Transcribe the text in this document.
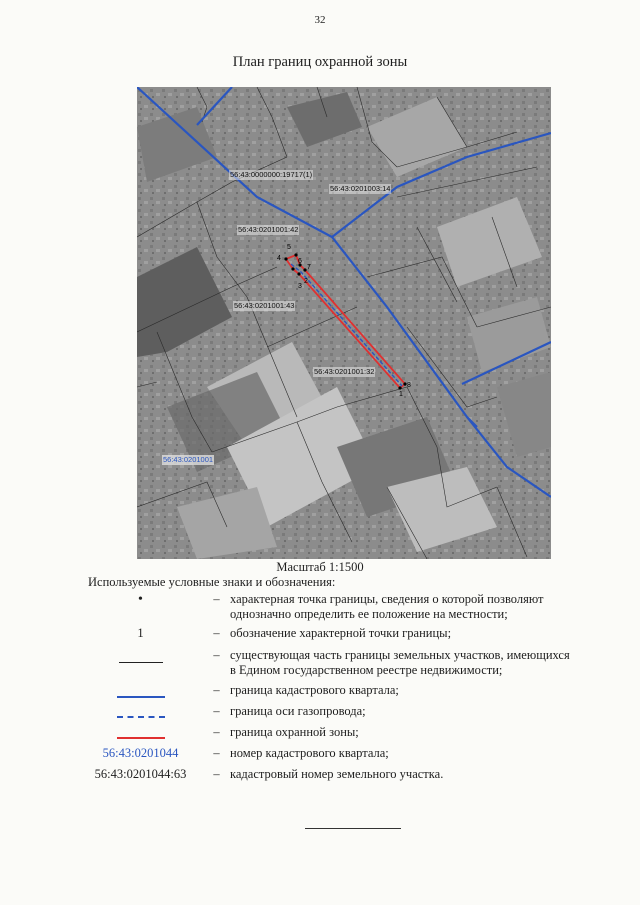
32
План границ охранной зоны
56:43:0000000:19717(1)
56:43:0201003:14
56:43:0201001:42
56:43:0201001:43
56:43:0201001:32
56:43:0201001
5
4 6
7
2
3
8
1
Масштаб 1:1500
Используемые условные знаки и обозначения:
•	– характерная точка границы, сведения о которой позволяют однозначно определить ее положение на местности;
1	– обозначение характерной точки границы;
– существующая часть границы земельных участков, имеющихся в Едином государственном реестре недвижимости;
– граница кадастрового квартала;
– граница оси газопровода;
– граница охранной зоны;
56:43:0201044	– номер кадастрового квартала;
56:43:0201044:63	– кадастровый номер земельного участка.
